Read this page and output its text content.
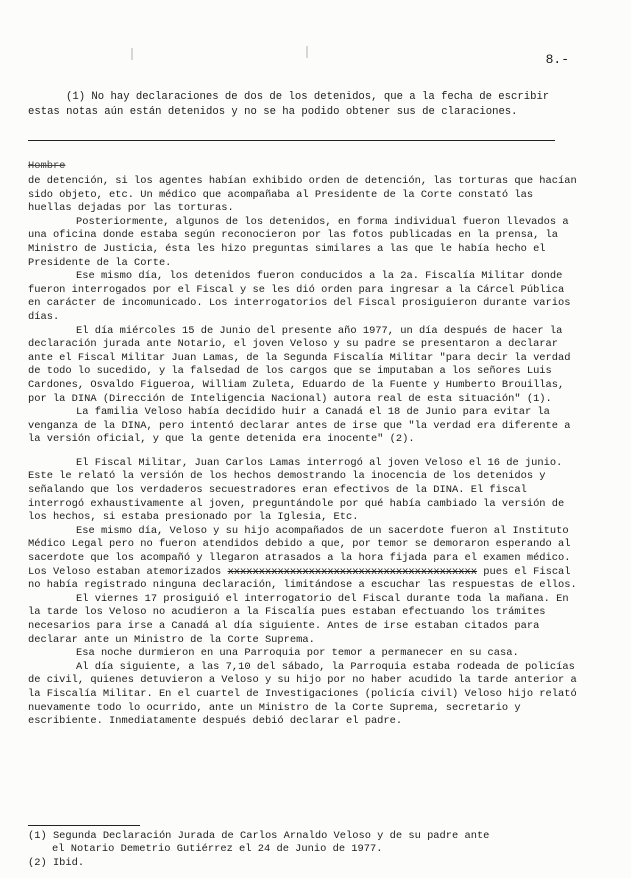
8.-
(1) No hay declaraciones de dos de los detenidos, que a la fecha de escribir estas notas aún están detenidos y no se ha podido obtener sus de claraciones.
Hombre

de detención, si los agentes habían exhibido orden de detención, las torturas que hacían sido objeto, etc. Un médico que acompañaba al Presidente de la Corte constató las huellas dejadas por las torturas.

Posteriormente, algunos de los detenidos, en forma individual fueron llevados a una oficina donde estaba según reconocieron por las fotos publicadas en la prensa, la Ministro de Justicia, ésta les hizo preguntas similares a las que le había hecho el Presidente de la Corte.

Ese mismo día, los detenidos fueron conducidos a la 2a. Fiscalía Militar donde fueron interrogados por el Fiscal y se les dió orden para ingresar a la Cárcel Pública en carácter de incomunicado. Los interrogatorios del Fiscal prosiguieron durante varios días.

El día miércoles 15 de Junio del presente año 1977, un día después de hacer la declaración jurada ante Notario, el joven Veloso y su padre se presentaron a declarar ante el Fiscal Militar Juan Lamas, de la Segunda Fiscalía Militar "para decir la verdad de todo lo sucedido, y la falsedad de los cargos que se imputaban a los señores Luis Cardones, Osvaldo Figueroa, William Zuleta, Eduardo de la Fuente y Humberto Brouillas, por la DINA (Dirección de Inteligencia Nacional) autora real de esta situación" (1).

La familia Veloso había decidido huir a Canadá el 18 de Junio para evitar la venganza de la DINA, pero intentó declarar antes de irse que "la verdad era diferente a la versión oficial, y que la gente detenida era inocente" (2).

El Fiscal Militar, Juan Carlos Lamas interrogó al joven Veloso el 16 de junio. Este le relató la versión de los hechos demostrando la inocencia de los detenidos y señalando que los verdaderos secuestradores eran efectivos de la DINA. El fiscal interrogó exhaustivamente al joven, preguntándole por qué había cambiado la versión de los hechos, si estaba presionado por la Iglesia, Etc.

Ese mismo día, Veloso y su hijo acompañados de un sacerdote fueron al Instituto Médico Legal pero no fueron atendidos debido a que, por temor se demoraron esperando al sacerdote que los acompañó y llegaron atrasados a la hora fijada para el examen médico. Los Veloso estaban atemorizados xxxxxxxxxxxxxxxxxxxxxxxxxxxxxxxxxxxxxxxx pues el Fiscal no había registrado ninguna declaración, limitándose a escuchar las respuestas de ellos.

El viernes 17 prosiguió el interrogatorio del Fiscal durante toda la mañana. En la tarde los Veloso no acudieron a la Fiscalía pues estaban efectuando los trámites necesarios para irse a Canadá al día siguiente. Antes de irse estaban citados para declarar ante un Ministro de la Corte Suprema.

Esa noche durmieron en una Parroquia por temor a permanecer en su casa.

Al día siguiente, a las 7,10 del sábado, la Parroquia estaba rodeada de policías de civil, quienes detuvieron a Veloso y su hijo por no haber acudido la tarde anterior a la Fiscalía Militar. En el cuartel de Investigaciones (policía civil) Veloso hijo relató nuevamente todo lo ocurrido, ante un Ministro de la Corte Suprema, secretario y escribiente. Inmediatamente después debió declarar el padre.

(1) Segunda Declaración Jurada de Carlos Arnaldo Veloso y de su padre ante
el Notario Demetrio Gutiérrez el 24 de Junio de 1977.
(2) Ibid.
